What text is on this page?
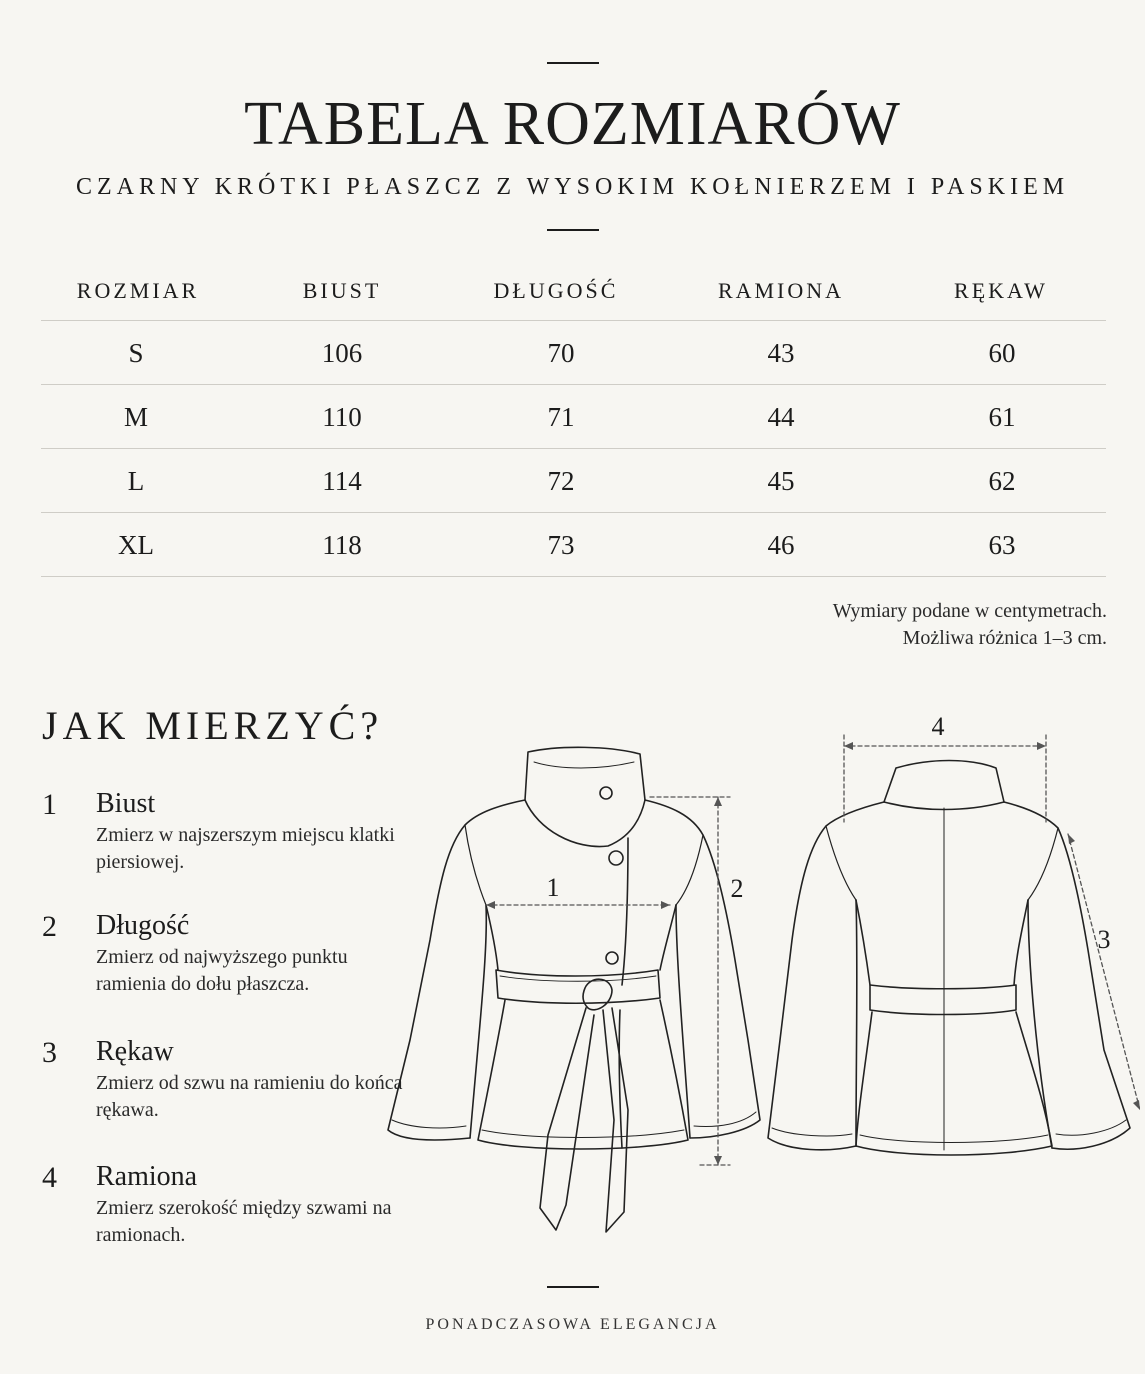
TABELA ROZMIARÓW
CZARNY KRÓTKI PŁASZCZ Z WYSOKIM KOŁNIERZEM I PASKIEM
ROZMIAR	BIUST	DŁUGOŚĆ	RAMIONA	RĘKAW
S	106	70	43	60
M	110	71	44	61
L	114	72	45	62
XL	118	73	46	63
Wymiary podane w centymetrach.
Możliwa różnica 1–3 cm.
JAK MIERZYĆ?
1 Biust
Zmierz w najszerszym miejscu klatki piersiowej.
2 Długość
Zmierz od najwyższego punktu ramienia do dołu płaszcza.
3 Rękaw
Zmierz od szwu na ramieniu do końca rękawa.
4 Ramiona
Zmierz szerokość między szwami na ramionach.
1	2
4
3
PONADCZASOWA ELEGANCJA
